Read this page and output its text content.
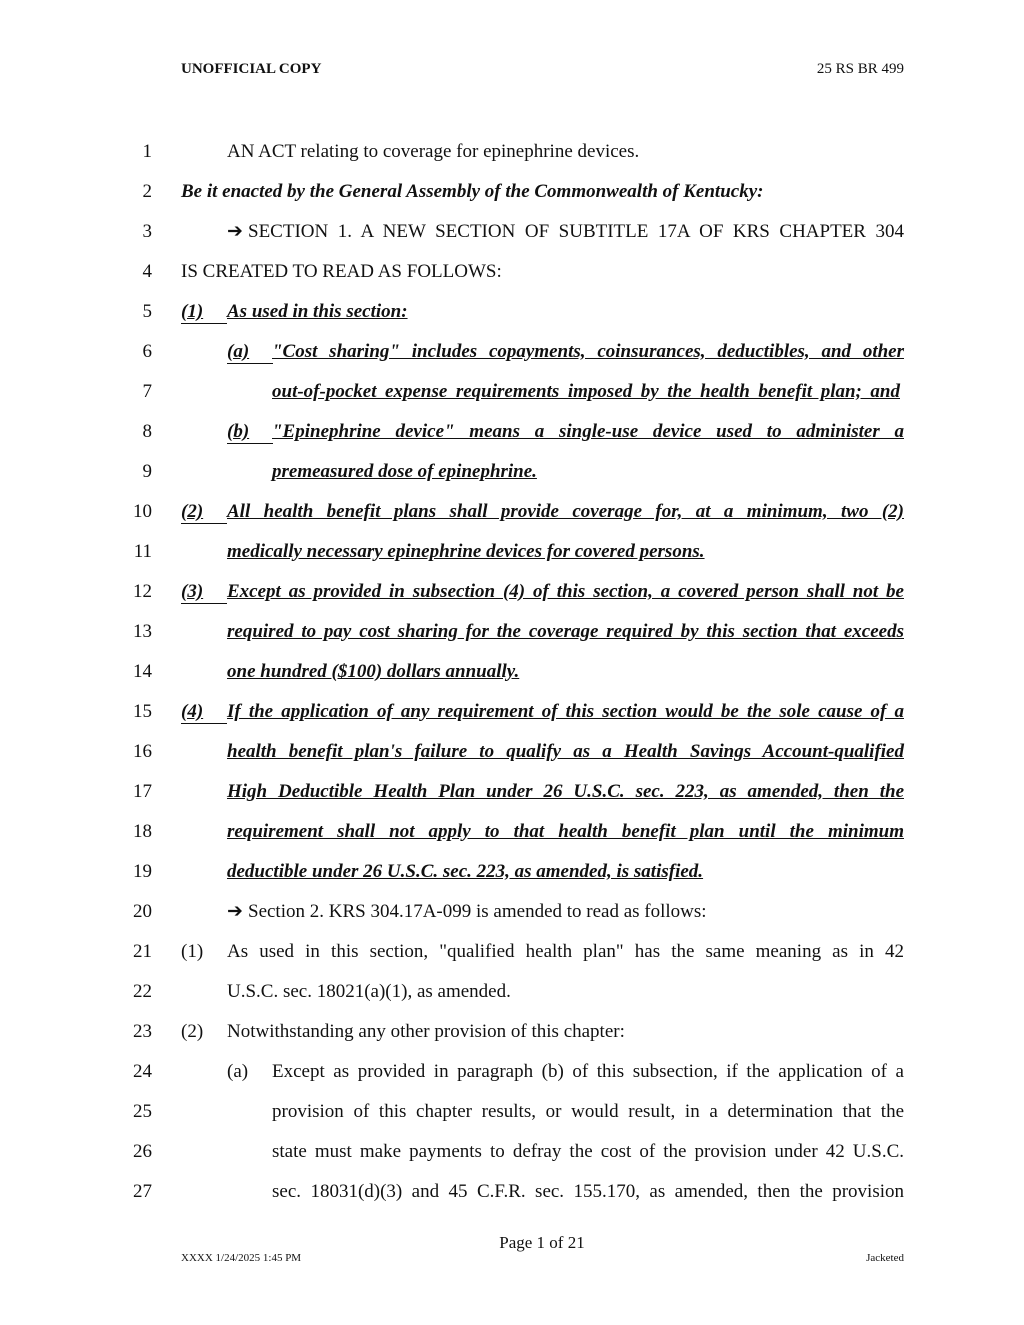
UNOFFICIAL COPY	25 RS BR 499
1	AN ACT relating to coverage for epinephrine devices.
2 Be it enacted by the General Assembly of the Commonwealth of Kentucky:
3	➔ SECTION 1. A NEW SECTION OF SUBTITLE 17A OF KRS CHAPTER 304
4 IS CREATED TO READ AS FOLLOWS:
5 (1) As used in this section:
6	(a) "Cost sharing" includes copayments, coinsurances, deductibles, and other
7	out-of-pocket expense requirements imposed by the health benefit plan; and
8	(b) "Epinephrine device" means a single-use device used to administer a
9	premeasured dose of epinephrine.
10 (2) All health benefit plans shall provide coverage for, at a minimum, two (2)
11	medically necessary epinephrine devices for covered persons.
12 (3) Except as provided in subsection (4) of this section, a covered person shall not be
13	required to pay cost sharing for the coverage required by this section that exceeds
14	one hundred ($100) dollars annually.
15 (4) If the application of any requirement of this section would be the sole cause of a
16	health benefit plan's failure to qualify as a Health Savings Account-qualified
17	High Deductible Health Plan under 26 U.S.C. sec. 223, as amended, then the
18	requirement shall not apply to that health benefit plan until the minimum
19	deductible under 26 U.S.C. sec. 223, as amended, is satisfied.
20	➔ Section 2. KRS 304.17A-099 is amended to read as follows:
21 (1) As used in this section, "qualified health plan" has the same meaning as in 42
22	U.S.C. sec. 18021(a)(1), as amended.
23 (2) Notwithstanding any other provision of this chapter:
24	(a) Except as provided in paragraph (b) of this subsection, if the application of a
25	provision of this chapter results, or would result, in a determination that the
26	state must make payments to defray the cost of the provision under 42 U.S.C.
27	sec. 18031(d)(3) and 45 C.F.R. sec. 155.170, as amended, then the provision
Page 1 of 21
XXXX 1/24/2025 1:45 PM	Jacketed
